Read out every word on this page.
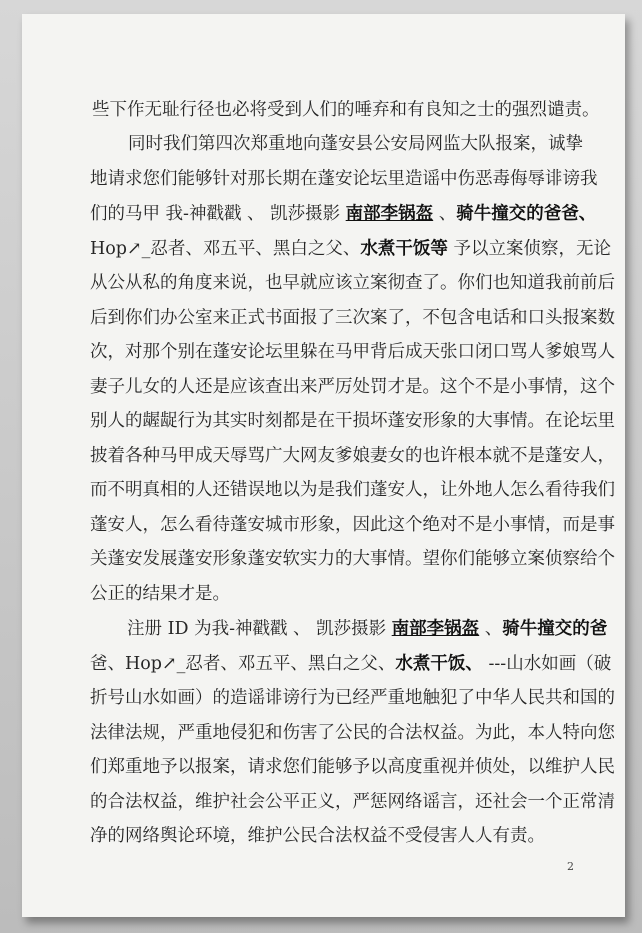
些下作无耻行径也必将受到人们的唾弃和有良知之士的强烈谴责。
同时我们第四次郑重地向蓬安县公安局网监大队报案，诚挚
地请求您们能够针对那长期在蓬安论坛里造谣中伤恶毒侮辱诽谤我
们的马甲 我-神戳戳 、 凯莎摄影 南部李锅盔 、骑牛撞交的爸爸、
Hop↗_忍者、邓五平、黑白之父、水煮干饭等 予以立案侦察，无论
从公从私的角度来说，也早就应该立案彻查了。你们也知道我前前后
后到你们办公室来正式书面报了三次案了，不包含电话和口头报案数
次，对那个别在蓬安论坛里躲在马甲背后成天张口闭口骂人爹娘骂人
妻子儿女的人还是应该查出来严厉处罚才是。这个不是小事情，这个
别人的龌龊行为其实时刻都是在干损坏蓬安形象的大事情。在论坛里
披着各种马甲成天辱骂广大网友爹娘妻女的也许根本就不是蓬安人，
而不明真相的人还错误地以为是我们蓬安人，让外地人怎么看待我们
蓬安人，怎么看待蓬安城市形象，因此这个绝对不是小事情，而是事
关蓬安发展蓬安形象蓬安软实力的大事情。望你们能够立案侦察给个
公正的结果才是。
注册 ID 为我-神戳戳 、 凯莎摄影 南部李锅盔 、骑牛撞交的爸
爸、Hop↗_忍者、邓五平、黑白之父、水煮干饭、 ---山水如画（破
折号山水如画）的造谣诽谤行为已经严重地触犯了中华人民共和国的
法律法规，严重地侵犯和伤害了公民的合法权益。为此，本人特向您
们郑重地予以报案，请求您们能够予以高度重视并侦处，以维护人民
的合法权益，维护社会公平正义，严惩网络谣言，还社会一个正常清
净的网络舆论环境，维护公民合法权益不受侵害人人有责。
2
